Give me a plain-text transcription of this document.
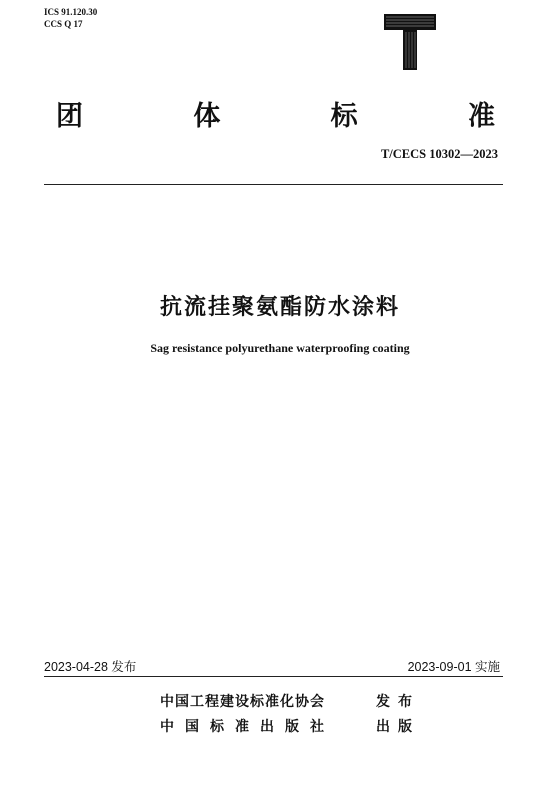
ICS 91.120.30
CCS Q 17
团	体	标	准
T/CECS 10302—2023
抗流挂聚氨酯防水涂料
Sag resistance polyurethane waterproofing coating
2023-04-28 发布	2023-09-01 实施
中国工程建设标准化协会	发布
中国标准出版社	出版
